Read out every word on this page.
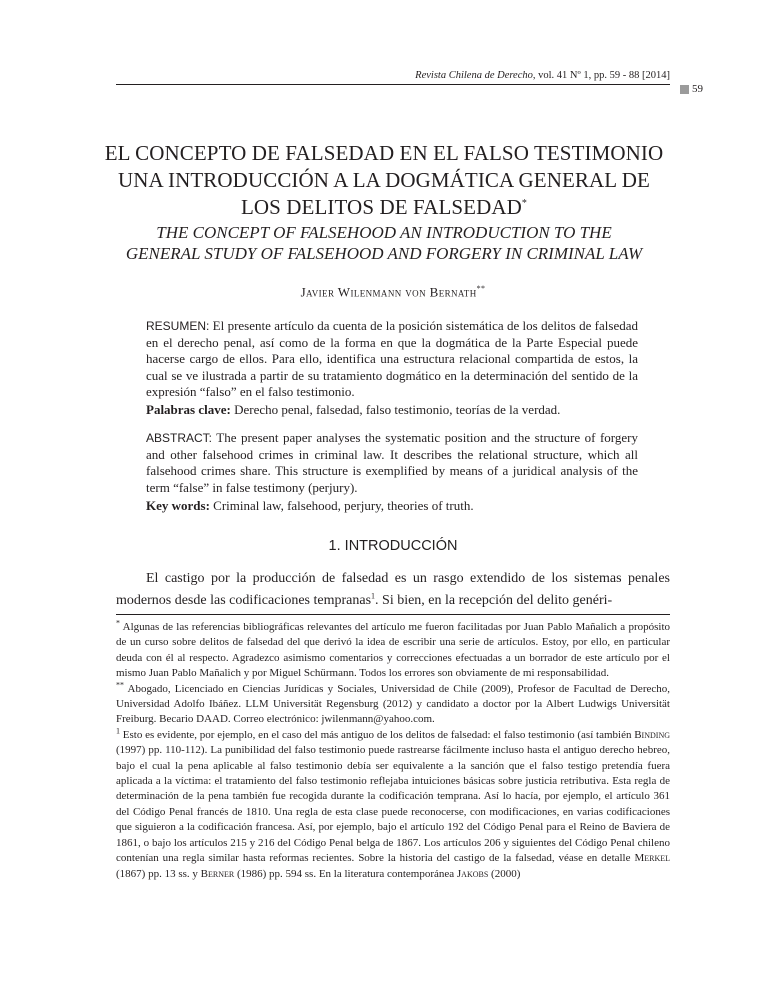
Revista Chilena de Derecho, vol. 41 Nº 1, pp. 59 - 88 [2014]
59
EL CONCEPTO DE FALSEDAD EN EL FALSO TESTIMONIO
UNA INTRODUCCIÓN A LA DOGMÁTICA GENERAL DE
LOS DELITOS DE FALSEDAD*
THE CONCEPT OF FALSEHOOD AN INTRODUCTION TO THE
GENERAL STUDY OF FALSEHOOD AND FORGERY IN CRIMINAL LAW
Javier Wilenmann von Bernath**
RESUMEN: El presente artículo da cuenta de la posición sistemática de los delitos de falsedad en el derecho penal, así como de la forma en que la dogmática de la Parte Especial puede hacerse cargo de ellos. Para ello, identifica una estructura relacional compartida de estos, la cual se ve ilustrada a partir de su tratamiento dogmático en la determinación del sentido de la expresión “falso” en el falso testimonio.
Palabras clave: Derecho penal, falsedad, falso testimonio, teorías de la verdad.
ABSTRACT: The present paper analyses the systematic position and the structure of forgery and other falsehood crimes in criminal law. It describes the relational structure, which all falsehood crimes share. This structure is exemplified by means of a juridical analysis of the term “false” in false testimony (perjury).
Key words: Criminal law, falsehood, perjury, theories of truth.
1. INTRODUCCIÓN
El castigo por la producción de falsedad es un rasgo extendido de los sistemas penales modernos desde las codificaciones tempranas$^1$. Si bien, en la recepción del delito genéri-

* Algunas de las referencias bibliográficas relevantes del artículo me fueron facilitadas por Juan Pablo Mañalich a propósito de un curso sobre delitos de falsedad del que derivó la idea de escribir una serie de artículos. Estoy, por ello, en particular deuda con él al respecto. Agradezco asimismo comentarios y correcciones efectuadas a un borrador de este artículo por el mismo Juan Pablo Mañalich y por Miguel Schürmann. Todos los errores son obviamente de mi responsabilidad.

** Abogado, Licenciado en Ciencias Jurídicas y Sociales, Universidad de Chile (2009), Profesor de Facultad de Derecho, Universidad Adolfo Ibáñez. LLM Universität Regensburg (2012) y candidato a doctor por la Albert Ludwigs Universität Freiburg. Becario DAAD. Correo electrónico: jwilenmann@yahoo.com.

$^1$ Esto es evidente, por ejemplo, en el caso del más antiguo de los delitos de falsedad: el falso testimonio (así también Binding (1997) pp. 110-112). La punibilidad del falso testimonio puede rastrearse fácilmente incluso hasta el antiguo derecho hebreo, bajo el cual la pena aplicable al falso testimonio debía ser equivalente a la sanción que el falso testigo pretendía fuera aplicada a la víctima: el tratamiento del falso testimonio reflejaba intuiciones básicas sobre justicia retributiva. Esta regla de determinación de la pena también fue recogida durante la codificación temprana. Así lo hacía, por ejemplo, el artículo 361 del Código Penal francés de 1810. Una regla de esta clase puede reconocerse, con modificaciones, en varias codificaciones que siguieron a la codificación francesa. Así, por ejemplo, bajo el artículo 192 del Código Penal para el Reino de Baviera de 1861, o bajo los artículos 215 y 216 del Código Penal belga de 1867. Los artículos 206 y siguientes del Código Penal chileno contenían una regla similar hasta reformas recientes. Sobre la historia del castigo de la falsedad, véase en detalle Merkel (1867) pp. 13 ss. y Berner (1986) pp. 594 ss. En la literatura contemporánea Jakobs (2000)
